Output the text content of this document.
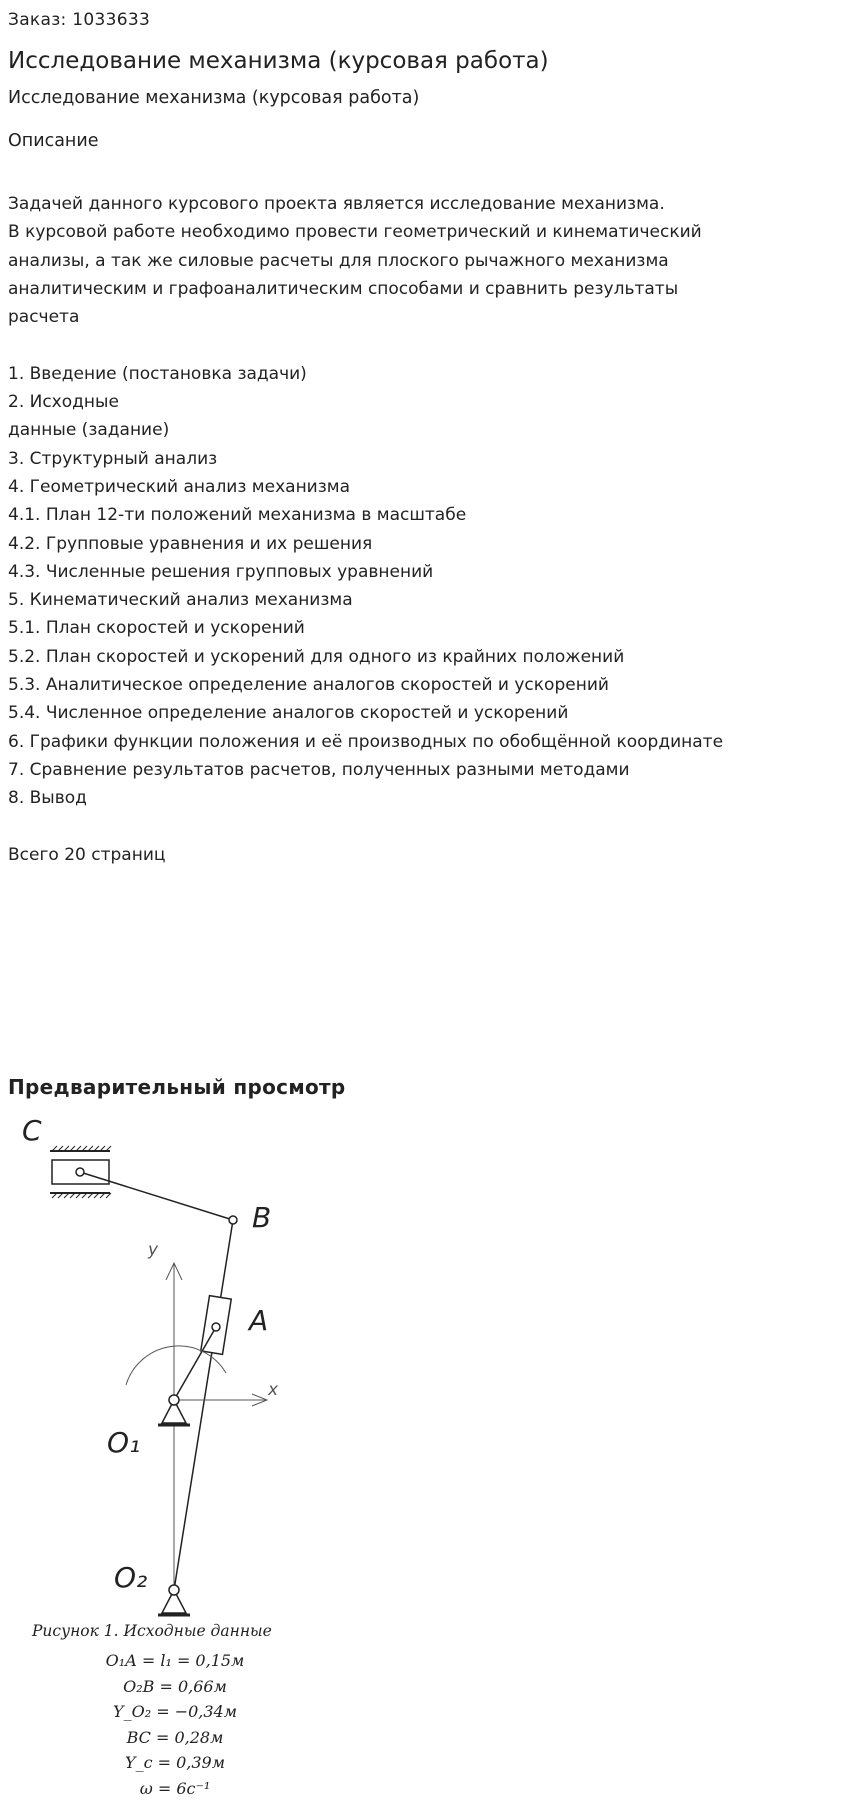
Заказ: 1033633
Исследование механизма (курсовая работа)
Исследование механизма (курсовая работа)
Описание
Задачей данного курсового проекта является исследование механизма.
В курсовой работе необходимо провести геометрический и кинематический
анализы, а так же силовые расчеты для плоского рычажного механизма
аналитическим и графоаналитическим способами и сравнить результаты
расчета
1. Введение (постановка задачи)
2. Исходные
данные (задание)
3. Структурный анализ
4. Геометрический анализ механизма
4.1. План 12-ти положений механизма в масштабе
4.2. Групповые уравнения и их решения
4.3. Численные решения групповых уравнений
5. Кинематический анализ механизма
5.1. План скоростей и ускорений
5.2. План скоростей и ускорений для одного из крайних положений
5.3. Аналитическое определение аналогов скоростей и ускорений
5.4. Численное определение аналогов скоростей и ускорений
6. Графики функции положения и её производных по обобщённой координате
7. Сравнение результатов расчетов, полученных разными методами
8. Вывод
Всего 20 страниц
Предварительный просмотр
C
B
A
y
x
O₁
O₂
Рисунок 1. Исходные данные
O₁A = l₁ = 0,15м
O₂B = 0,66м
Y_O₂ = −0,34м
BC = 0,28м
Y_c = 0,39м
ω = 6с⁻¹
